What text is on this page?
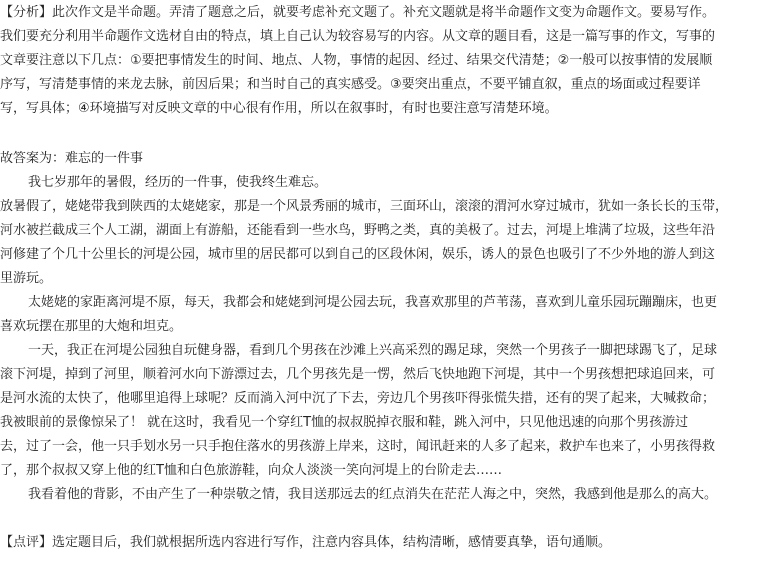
【分析】此次作文是半命题。弄清了题意之后，就要考虑补充文题了。补充文题就是将半命题作文变为命题作文。要易写作。
我们要充分利用半命题作文选材自由的特点，填上自己认为较容易写的内容。从文章的题目看，这是一篇写事的作文，写事的
文章要注意以下几点：①要把事情发生的时间、地点、人物，事情的起因、经过、结果交代清楚；②一般可以按事情的发展顺
序写，写清楚事情的来龙去脉，前因后果；和当时自己的真实感受。③要突出重点，不要平铺直叙，重点的场面或过程要详
写，写具体；④环境描写对反映文章的中心很有作用，所以在叙事时，有时也要注意写清楚环境。
故答案为：难忘的一件事
我七岁那年的暑假，经历的一件事，使我终生难忘。
放暑假了，姥姥带我到陕西的太姥姥家，那是一个风景秀丽的城市，三面环山，滚滚的渭河水穿过城市，犹如一条长长的玉带，
河水被拦截成三个人工湖，湖面上有游船，还能看到一些水鸟，野鸭之类，真的美极了。过去，河堤上堆满了垃圾，这些年沿
河修建了个几十公里长的河堤公园，城市里的居民都可以到自己的区段休闲，娱乐，诱人的景色也吸引了不少外地的游人到这
里游玩。
太姥姥的家距离河堤不原，每天，我都会和姥姥到河堤公园去玩，我喜欢那里的芦苇荡，喜欢到儿童乐园玩蹦蹦床，也更
喜欢玩摆在那里的大炮和坦克。
一天，我正在河堤公园独自玩健身器，看到几个男孩在沙滩上兴高采烈的踢足球，突然一个男孩子一脚把球踢飞了，足球
滚下河堤，掉到了河里，顺着河水向下游漂过去，几个男孩先是一愣，然后飞快地跑下河堤，其中一个男孩想把球追回来，可
是河水流的太快了，他哪里追得上球呢？反而淌入河中沉了下去，旁边几个男孩吓得张慌失措，还有的哭了起来，大喊救命；
我被眼前的景像惊呆了！ 就在这时，我看见一个穿红T恤的叔叔脱掉衣服和鞋，跳入河中，只见他迅速的向那个男孩游过
去，过了一会，他一只手划水另一只手抱住落水的男孩游上岸来，这时，闻讯赶来的人多了起来，救护车也来了，小男孩得救
了，那个叔叔又穿上他的红T恤和白色旅游鞋，向众人淡淡一笑向河堤上的台阶走去……
我看着他的背影，不由产生了一种崇敬之情，我目送那远去的红点消失在茫茫人海之中，突然，我感到他是那么的高大。
【点评】选定题目后，我们就根据所选内容进行写作，注意内容具体，结构清晰，感情要真挚，语句通顺。
